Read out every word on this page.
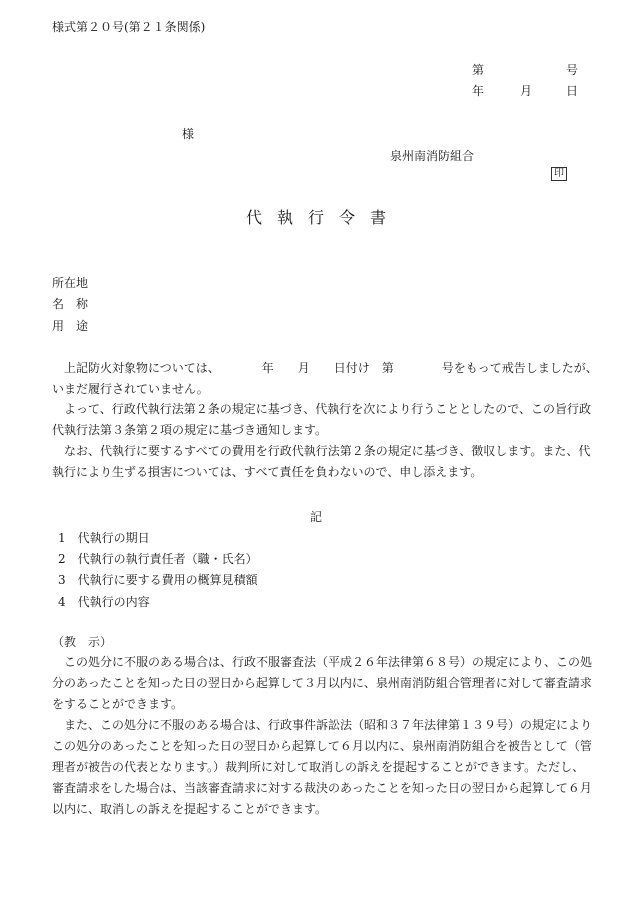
様式第２０号(第２１条関係)
第	号
年	月	日
様
泉州南消防組合
印
代執行令書
所在地
名　称
用　途
上記防火対象物については、　　　　年　　月　　日付け　第　　　　号をもって戒告しましたが、
いまだ履行されていません。
よって、行政代執行法第２条の規定に基づき、代執行を次により行うこととしたので、この旨行政代執行法第３条第２項の規定に基づき通知します。
なお、代執行に要するすべての費用を行政代執行法第２条の規定に基づき、徴収します。また、代執行により生ずる損害については、すべて責任を負わないので、申し添えます。
記
1 代執行の期日
2 代執行の執行責任者（職・氏名）
3 代執行に要する費用の概算見積額
4 代執行の内容
（教　示）
この処分に不服のある場合は、行政不服審査法（平成２６年法律第６８号）の規定により、この処分のあったことを知った日の翌日から起算して３月以内に、泉州南消防組合管理者に対して審査請求をすることができます。
また、この処分に不服のある場合は、行政事件訴訟法（昭和３７年法律第１３９号）の規定によりこの処分のあったことを知った日の翌日から起算して６月以内に、泉州南消防組合を被告として（管理者が被告の代表となります。）裁判所に対して取消しの訴えを提起することができます。ただし、審査請求をした場合は、当該審査請求に対する裁決のあったことを知った日の翌日から起算して６月以内に、取消しの訴えを提起することができます。
